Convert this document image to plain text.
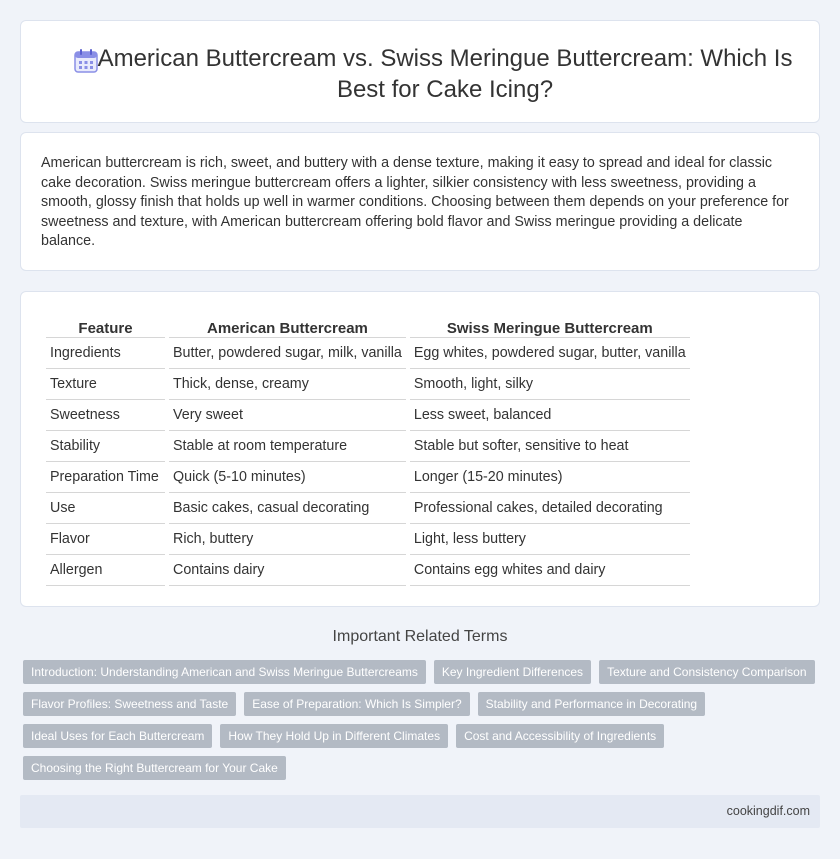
American Buttercream vs. Swiss Meringue Buttercream: Which Is Best for Cake Icing?

American buttercream is rich, sweet, and buttery with a dense texture, making it easy to spread and ideal for classic cake decoration. Swiss meringue buttercream offers a lighter, silkier consistency with less sweetness, providing a smooth, glossy finish that holds up well in warmer conditions. Choosing between them depends on your preference for sweetness and texture, with American buttercream offering bold flavor and Swiss meringue providing a delicate balance.

Feature	American Buttercream	Swiss Meringue Buttercream
Ingredients	Butter, powdered sugar, milk, vanilla	Egg whites, powdered sugar, butter, vanilla
Texture	Thick, dense, creamy	Smooth, light, silky
Sweetness	Very sweet	Less sweet, balanced
Stability	Stable at room temperature	Stable but softer, sensitive to heat
Preparation Time	Quick (5-10 minutes)	Longer (15-20 minutes)
Use	Basic cakes, casual decorating	Professional cakes, detailed decorating
Flavor	Rich, buttery	Light, less buttery
Allergen	Contains dairy	Contains egg whites and dairy
Important Related Terms
Introduction: Understanding American and Swiss Meringue Buttercreams	Key Ingredient Differences	Texture and Consistency Comparison
Flavor Profiles: Sweetness and Taste	Ease of Preparation: Which Is Simpler?	Stability and Performance in Decorating
Ideal Uses for Each Buttercream	How They Hold Up in Different Climates	Cost and Accessibility of Ingredients
Choosing the Right Buttercream for Your Cake
cookingdif.com
